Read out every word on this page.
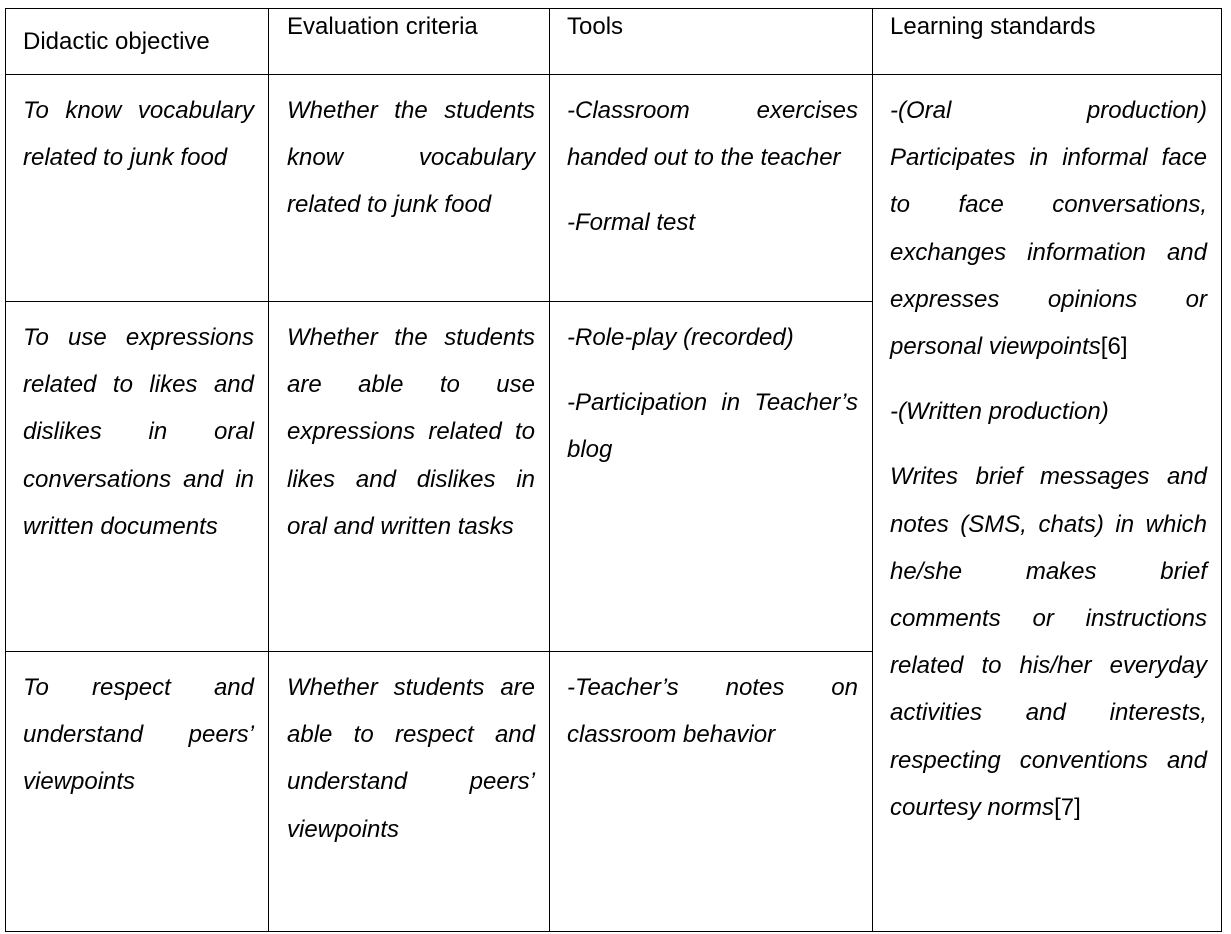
Didactic objective
Evaluation criteria	Tools	Learning standards
To know vocabulary related to junk food
Whether the students know vocabulary related to junk food

-Classroom exercises handed out to the teacher

-Formal test

To use expressions related to likes and dislikes in oral conversations and in written documents
Whether the students are able to use expressions related to likes and dislikes in oral and written tasks

-Role-play (recorded)

-Participation in Teacher’s blog

To respect and understand peers’ viewpoints
Whether students are able to respect and understand peers’ viewpoints

-Teacher’s notes on classroom behavior

-(Oral production) Participates in informal face to face conversations, exchanges information and expresses opinions or personal viewpoints[6]

-(Written production)

Writes brief messages and notes (SMS, chats) in which he/she makes brief comments or instructions related to his/her everyday activities and interests, respecting conventions and courtesy norms[7]
